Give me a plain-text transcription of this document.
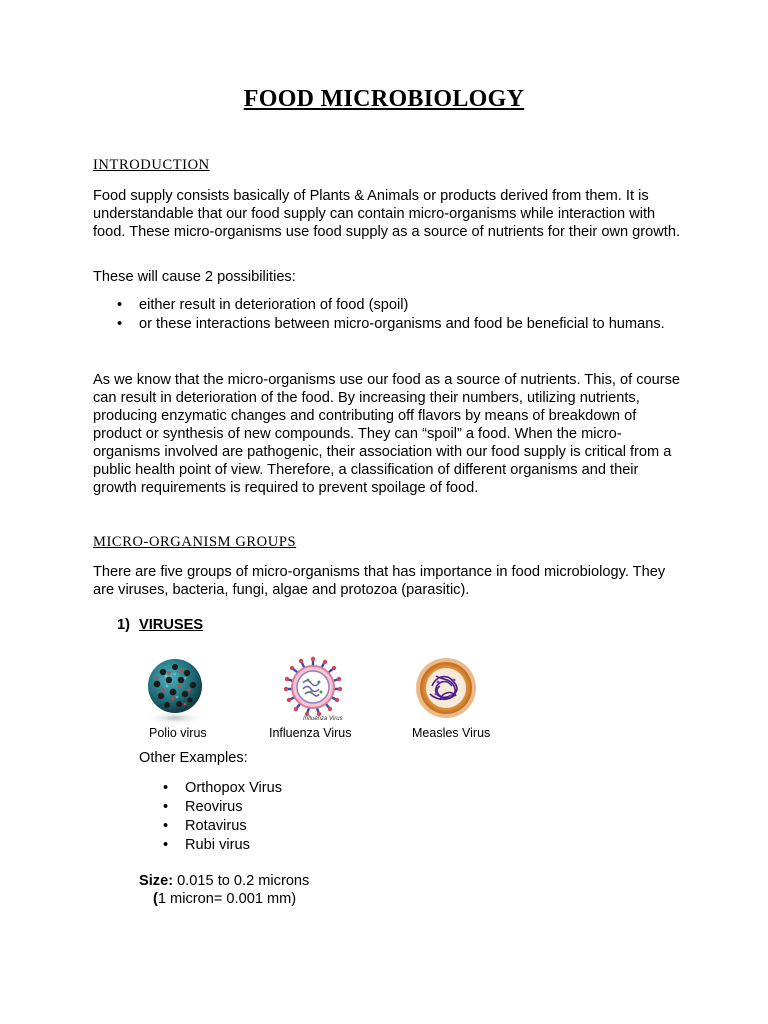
FOOD MICROBIOLOGY
INTRODUCTION

Food supply consists basically of Plants & Animals or products derived from them. It is understandable that our food supply can contain micro-organisms while interaction with food. These micro-organisms use food supply as a source of nutrients for their own growth.

These will cause 2 possibilities:

• either result in deterioration of food (spoil)
• or these interactions between micro-organisms and food be beneficial to humans.

As we know that the micro-organisms use our food as a source of nutrients. This, of course can result in deterioration of the food. By increasing their numbers, utilizing nutrients, producing enzymatic changes and contributing off flavors by means of breakdown of product or synthesis of new compounds. They can “spoil” a food. When the micro-organisms involved are pathogenic, their association with our food supply is critical from a public health point of view. Therefore, a classification of different organisms and their growth requirements is required to prevent spoilage of food.

MICRO-ORGANISM GROUPS

There are five groups of micro-organisms that has importance in food microbiology. They are viruses, bacteria, fungi, algae and protozoa (parasitic).

1) VIRUSES
Polio virus
Influenza Virus
Influenza Virus	Measles Virus
Other Examples:
• Orthopox Virus
• Reovirus
• Rotavirus
• Rubi virus
Size: 0.015 to 0.2 microns
(1 micron= 0.001 mm)
